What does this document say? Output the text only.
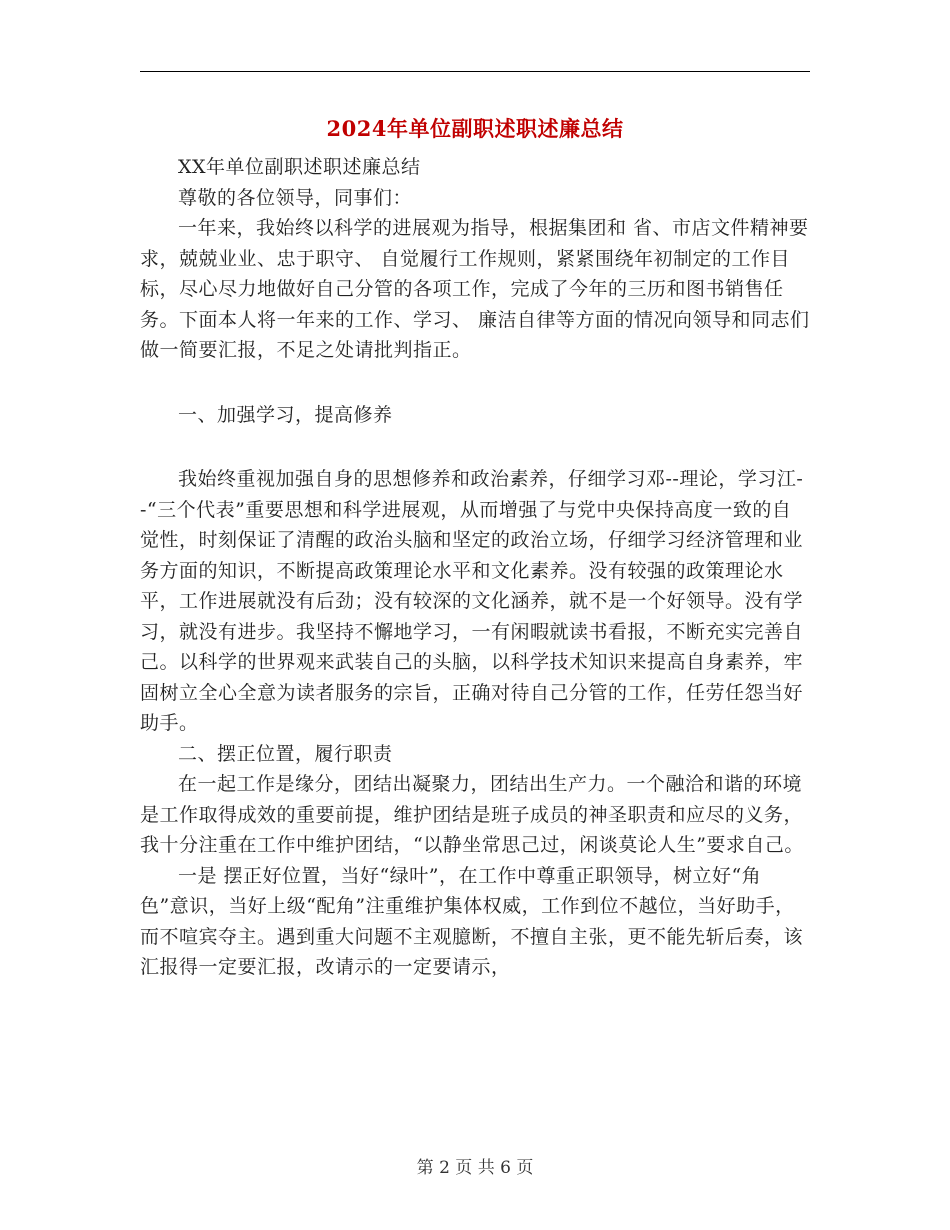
2024年单位副职述职述廉总结

XX年单位副职述职述廉总结

尊敬的各位领导，同事们：

一年来，我始终以科学的进展观为指导，根据集团和 省、市店文件精神要求，兢兢业业、忠于职守、 自觉履行工作规则，紧紧围绕年初制定的工作目标，尽心尽力地做好自己分管的各项工作，完成了今年的三历和图书销售任务。下面本人将一年来的工作、学习、 廉洁自律等方面的情况向领导和同志们做一简要汇报，不足之处请批判指正。

一、加强学习，提高修养

我始终重视加强自身的思想修养和政治素养，仔细学习邓--理论，学习江--“三个代表”重要思想和科学进展观，从而增强了与党中央保持高度一致的自觉性，时刻保证了清醒的政治头脑和坚定的政治立场，仔细学习经济管理和业务方面的知识，不断提高政策理论水平和文化素养。没有较强的政策理论水平，工作进展就没有后劲；没有较深的文化涵养，就不是一个好领导。没有学习，就没有进步。我坚持不懈地学习，一有闲暇就读书看报，不断充实完善自己。以科学的世界观来武装自己的头脑，以科学技术知识来提高自身素养，牢固树立全心全意为读者服务的宗旨，正确对待自己分管的工作，任劳任怨当好助手。

二、摆正位置，履行职责

在一起工作是缘分，团结出凝聚力，团结出生产力。一个融洽和谐的环境是工作取得成效的重要前提，维护团结是班子成员的神圣职责和应尽的义务，我十分注重在工作中维护团结，“以静坐常思己过，闲谈莫论人生”要求自己。

一是 摆正好位置，当好“绿叶”，在工作中尊重正职领导，树立好“角色”意识，当好上级“配角”注重维护集体权威，工作到位不越位，当好助手，而不喧宾夺主。遇到重大问题不主观臆断，不擅自主张，更不能先斩后奏，该汇报得一定要汇报，改请示的一定要请示，

第 2 页 共 6 页
